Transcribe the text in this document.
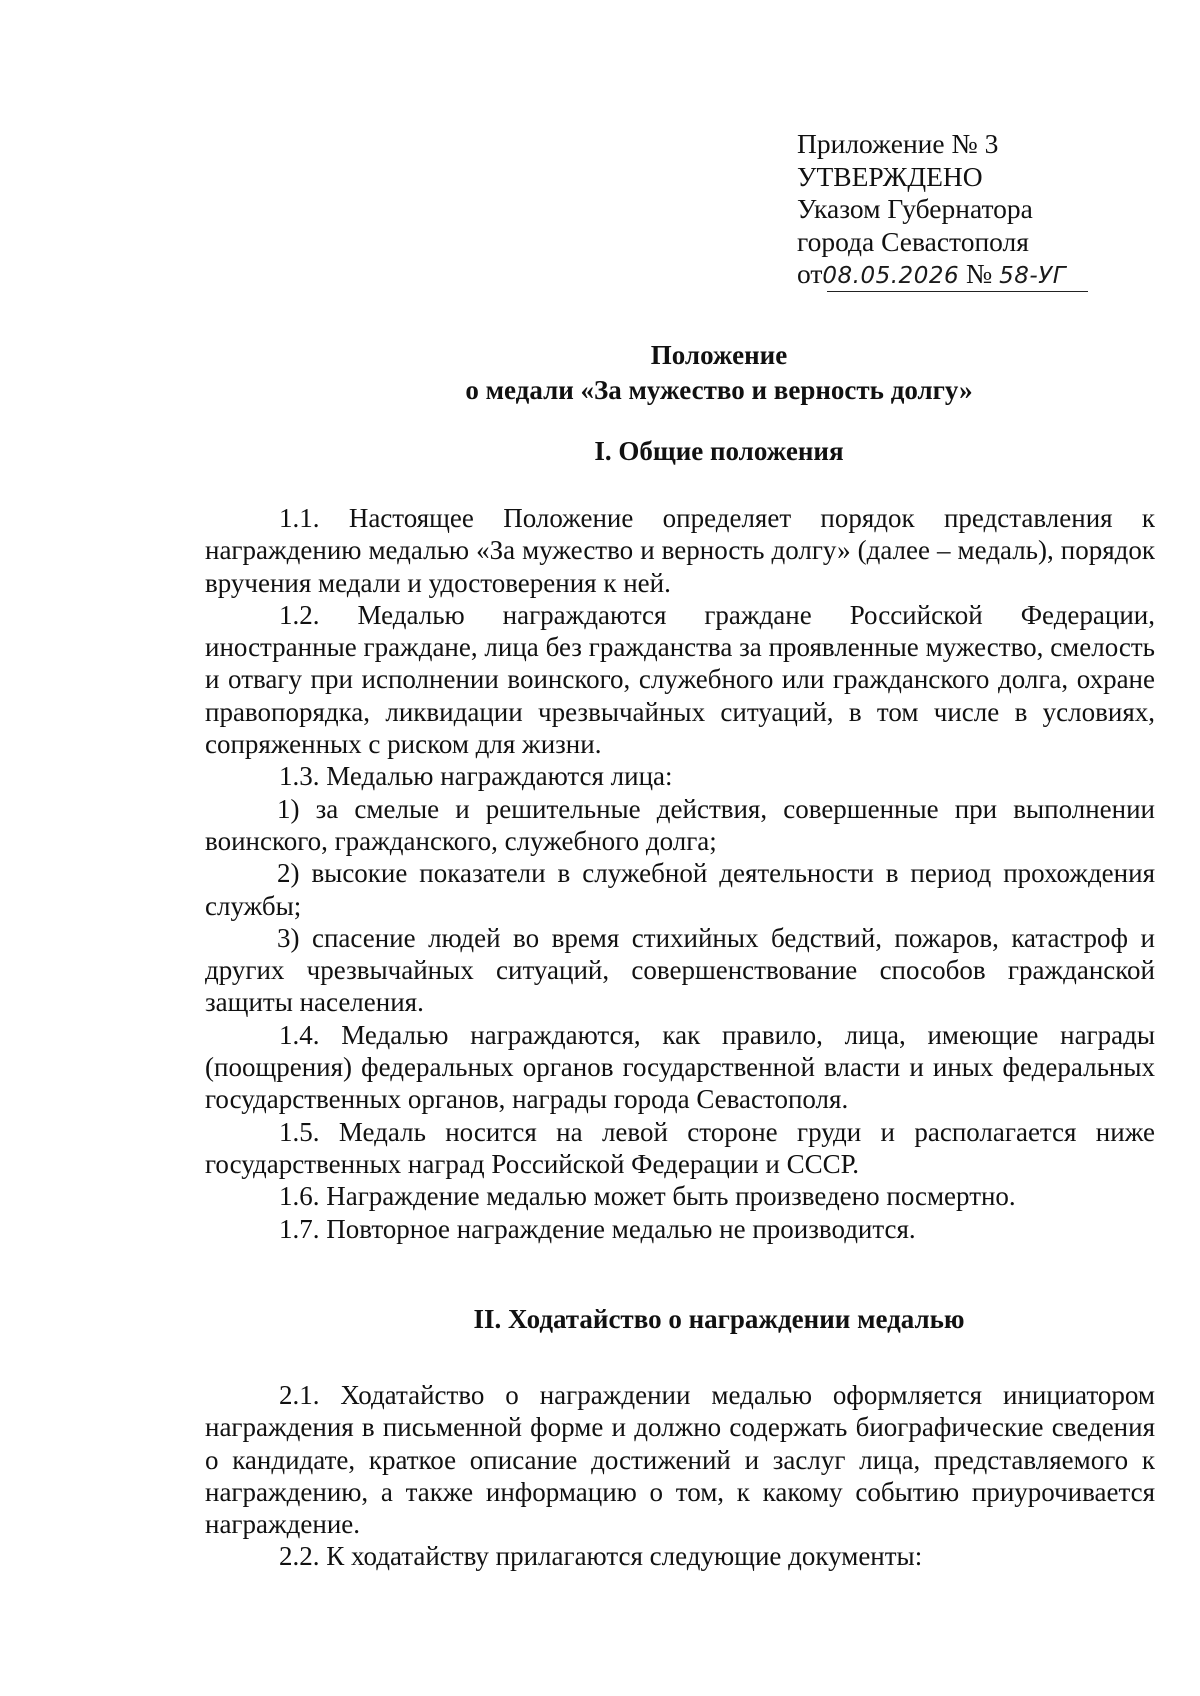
Приложение № 3
УТВЕРЖДЕНО
Указом Губернатора
города Севастополя
от08.05.2026 № 58-УГ
Положение
о медали «За мужество и верность долгу»
I. Общие положения

1.1. Настоящее Положение определяет порядок представления к награждению медалью «За мужество и верность долгу» (далее – медаль), порядок вручения медали и удостоверения к ней.

1.2. Медалью награждаются граждане Российской Федерации, иностранные граждане, лица без гражданства за проявленные мужество, смелость и отвагу при исполнении воинского, служебного или гражданского долга, охране правопорядка, ликвидации чрезвычайных ситуаций, в том числе в условиях, сопряженных с риском для жизни.

1.3. Медалью награждаются лица:

1) за смелые и решительные действия, совершенные при выполнении воинского, гражданского, служебного долга;

2) высокие показатели в служебной деятельности в период прохождения службы;

3) спасение людей во время стихийных бедствий, пожаров, катастроф и других чрезвычайных ситуаций, совершенствование способов гражданской защиты населения.

1.4. Медалью награждаются, как правило, лица, имеющие награды (поощрения) федеральных органов государственной власти и иных федеральных государственных органов, награды города Севастополя.

1.5. Медаль носится на левой стороне груди и располагается ниже государственных наград Российской Федерации и СССР.

1.6. Награждение медалью может быть произведено посмертно.

1.7. Повторное награждение медалью не производится.

II. Ходатайство о награждении медалью

2.1. Ходатайство о награждении медалью оформляется инициатором награждения в письменной форме и должно содержать биографические сведения о кандидате, краткое описание достижений и заслуг лица, представляемого к награждению, а также информацию о том, к какому событию приурочивается награждение.

2.2. К ходатайству прилагаются следующие документы:
